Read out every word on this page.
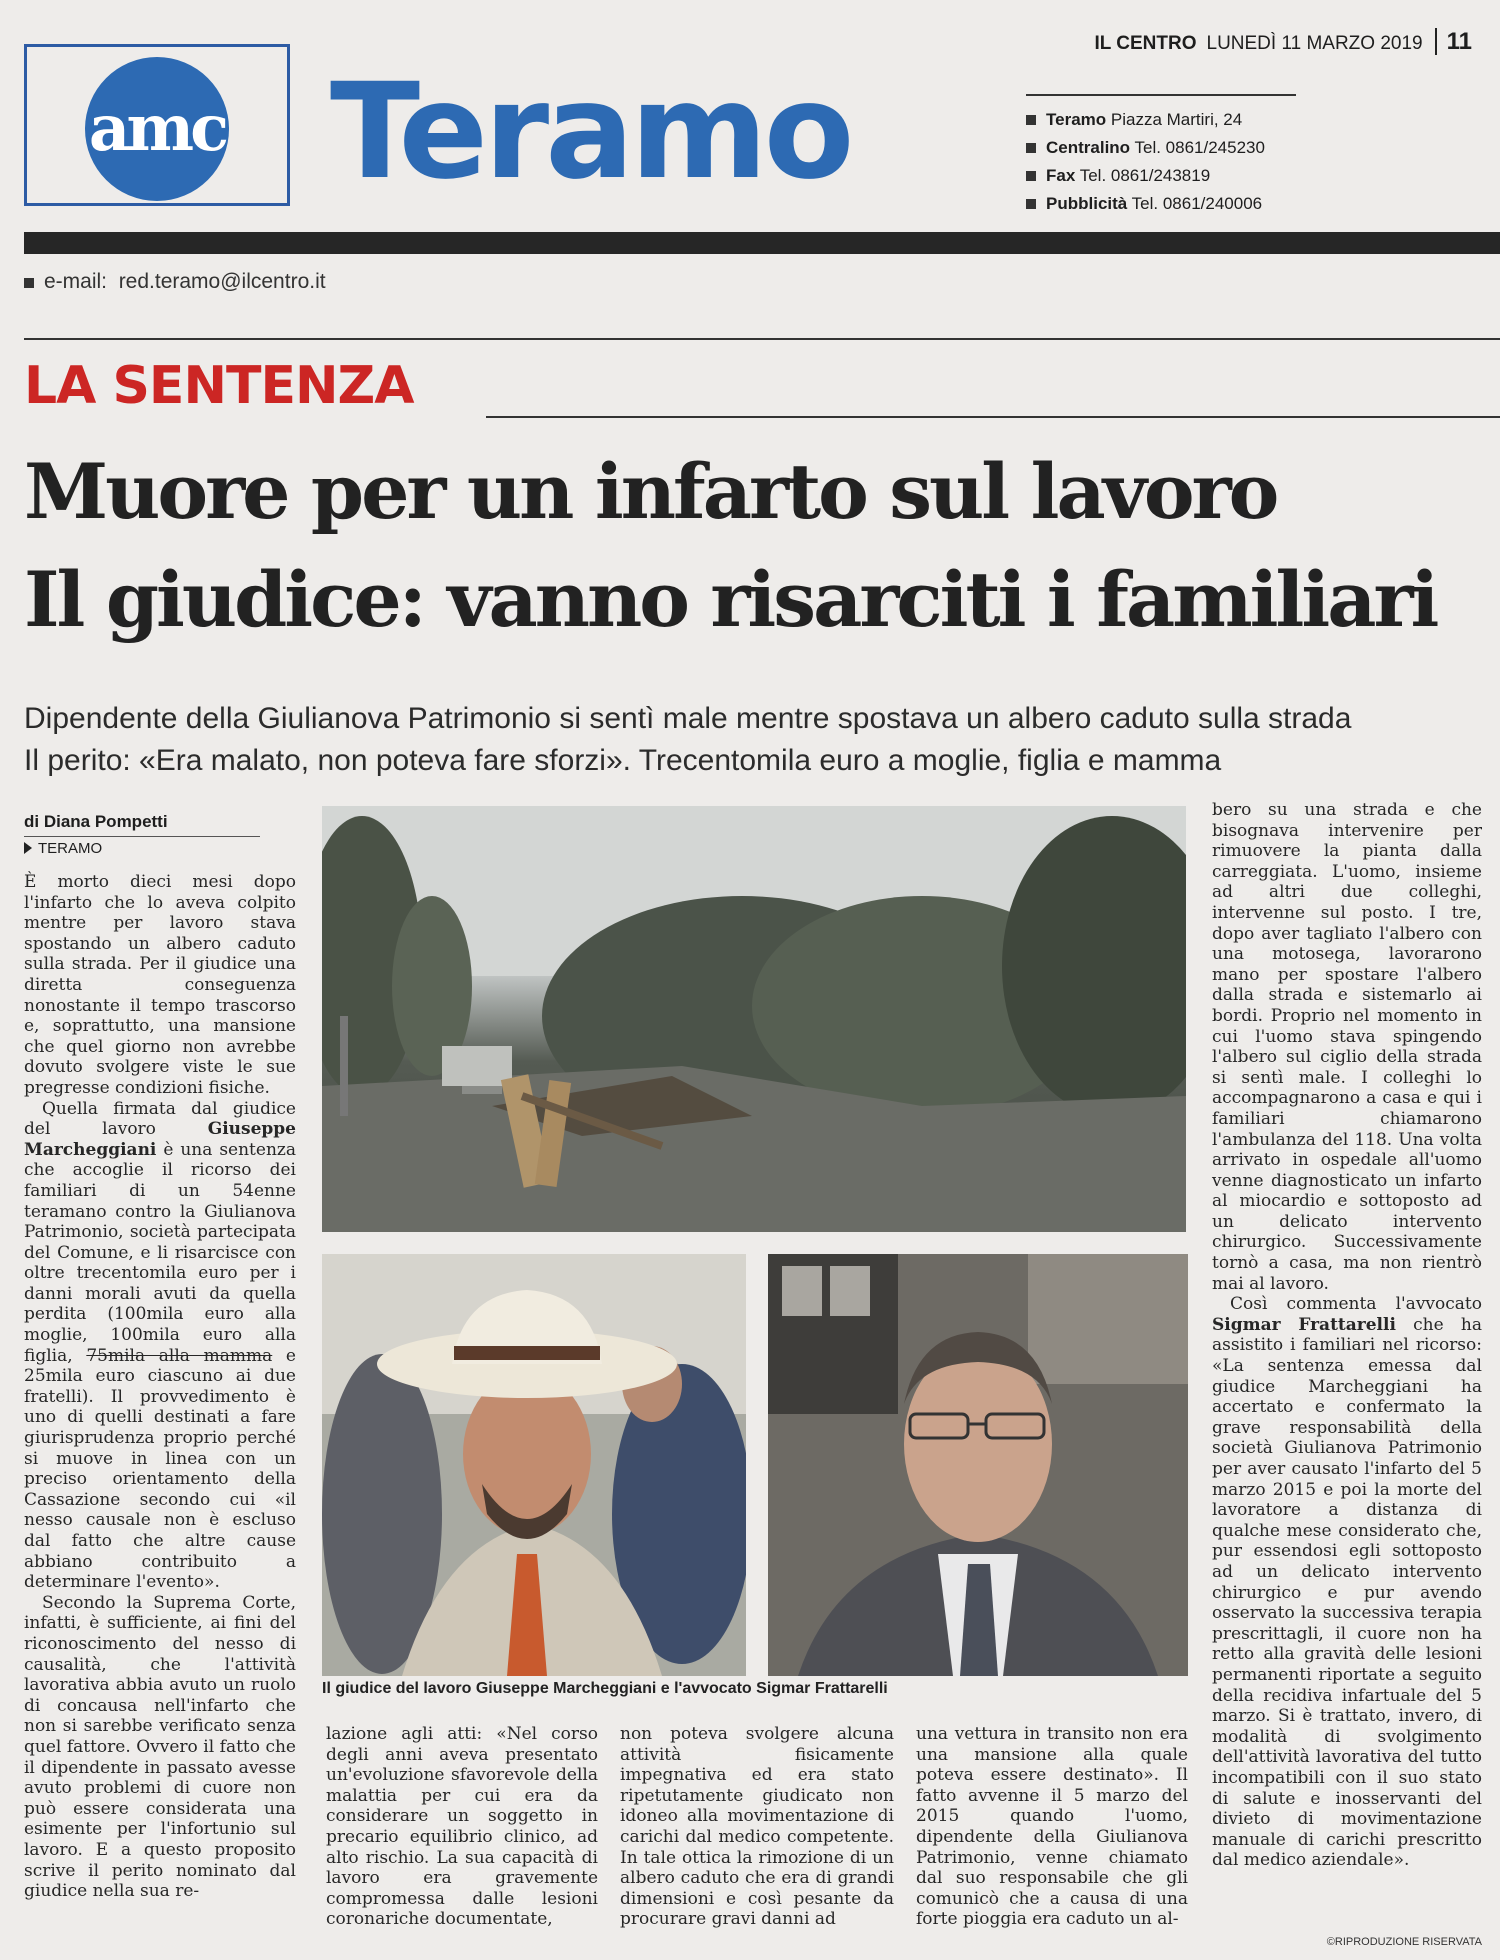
IL CENTRO LUNEDÌ 11 MARZO 2019 11
amc Teramo	Teramo Piazza Martiri, 24
Centralino Tel. 0861/245230
Fax Tel. 0861/243819
Pubblicità Tel. 0861/240006
e-mail: red.teramo@ilcentro.it
LA SENTENZA
Muore per un infarto sul lavoro
Il giudice: vanno risarciti i familiari
Dipendente della Giulianova Patrimonio si sentì male mentre spostava un albero caduto sulla strada
Il perito: «Era malato, non poteva fare sforzi». Trecentomila euro a moglie, figlia e mamma
di Diana Pompetti
TERAMO

È morto dieci mesi dopo l'infarto che lo aveva colpito mentre per lavoro stava spostando un albero caduto sulla strada. Per il giudice una diretta conseguenza nonostante il tempo trascorso e, soprattutto, una mansione che quel giorno non avrebbe dovuto svolgere viste le sue pregresse condizioni fisiche.

Quella firmata dal giudice del lavoro Giuseppe Marcheggiani è una sentenza che accoglie il ricorso dei familiari di un 54enne teramano contro la Giulianova Patrimonio, società partecipata del Comune, e li risarcisce con oltre trecentomila euro per i danni morali avuti da quella perdita (100mila euro alla moglie, 100mila euro alla figlia, 75mila alla mamma e 25mila euro ciascuno ai due fratelli). Il provvedimento è uno di quelli destinati a fare giurisprudenza proprio perché si muove in linea con un preciso orientamento della Cassazione secondo cui «il nesso causale non è escluso dal fatto che altre cause abbiano contribuito a determinare l'evento».

Secondo la Suprema Corte, infatti, è sufficiente, ai fini del riconoscimento del nesso di causalità, che l'attività lavorativa abbia avuto un ruolo di concausa nell'infarto che non si sarebbe verificato senza quel fattore. Ovvero il fatto che il dipendente in passato avesse avuto problemi di cuore non può essere considerata una esimente per l'infortunio sul lavoro. E a questo proposito scrive il perito nominato dal giudice nella sua re-

Il giudice del lavoro Giuseppe Marcheggiani e l'avvocato Sigmar Frattarelli

lazione agli atti: «Nel corso degli anni aveva presentato un'evoluzione sfavorevole della malattia per cui era da considerare un soggetto in precario equilibrio clinico, ad alto rischio. La sua capacità di lavoro era gravemente compromessa dalle lesioni coronariche documentate,

non poteva svolgere alcuna attività fisicamente impegnativa ed era stato ripetutamente giudicato non idoneo alla movimentazione di carichi dal medico competente. In tale ottica la rimozione di un albero caduto che era di grandi dimensioni e così pesante da procurare gravi danni ad

una vettura in transito non era una mansione alla quale poteva essere destinato». Il fatto avvenne il 5 marzo del 2015 quando l'uomo, dipendente della Giulianova Patrimonio, venne chiamato dal suo responsabile che gli comunicò che a causa di una forte pioggia era caduto un al-

bero su una strada e che bisognava intervenire per rimuovere la pianta dalla carreggiata. L'uomo, insieme ad altri due colleghi, intervenne sul posto. I tre, dopo aver tagliato l'albero con una motosega, lavorarono mano per spostare l'albero dalla strada e sistemarlo ai bordi. Proprio nel momento in cui l'uomo stava spingendo l'albero sul ciglio della strada si sentì male. I colleghi lo accompagnarono a casa e qui i familiari chiamarono l'ambulanza del 118. Una volta arrivato in ospedale all'uomo venne diagnosticato un infarto al miocardio e sottoposto ad un delicato intervento chirurgico. Successivamente tornò a casa, ma non rientrò mai al lavoro.

Così commenta l'avvocato Sigmar Frattarelli che ha assistito i familiari nel ricorso: «La sentenza emessa dal giudice Marcheggiani ha accertato e confermato la grave responsabilità della società Giulianova Patrimonio per aver causato l'infarto del 5 marzo 2015 e poi la morte del lavoratore a distanza di qualche mese considerato che, pur essendosi egli sottoposto ad un delicato intervento chirurgico e pur avendo osservato la successiva terapia prescrittagli, il cuore non ha retto alla gravità delle lesioni permanenti riportate a seguito della recidiva infartuale del 5 marzo. Si è trattato, invero, di modalità di svolgimento dell'attività lavorativa del tutto incompatibili con il suo stato di salute e inosservanti del divieto di movimentazione manuale di carichi prescritto dal medico aziendale».

©RIPRODUZIONE RISERVATA
